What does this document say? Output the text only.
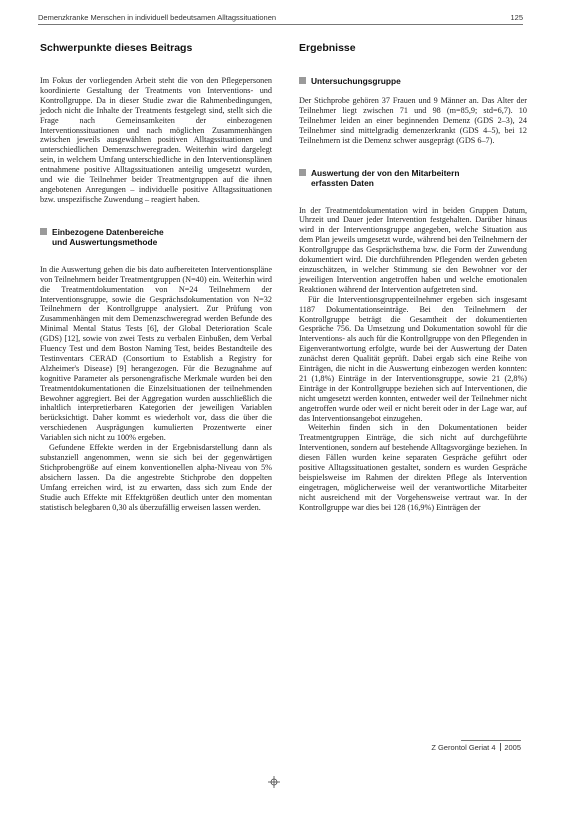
Demenzkranke Menschen in individuell bedeutsamen Alltagssituationen	125
Schwerpunkte dieses Beitrags

Im Fokus der vorliegenden Arbeit steht die von den Pflegepersonen koordinierte Gestaltung der Treatments von Interventions- und Kontrollgruppe. Da in dieser Studie zwar die Rahmenbedingungen, jedoch nicht die Inhalte der Treatments festgelegt sind, stellt sich die Frage nach Gemeinsamkeiten der einbezogenen Interventionssituationen und nach möglichen Zusammenhängen zwischen jeweils ausgewählten positiven Alltagssituationen und unterschiedlichen Demenzschweregraden. Weiterhin wird dargelegt sein, in welchem Umfang unterschiedliche in den Interventionsplänen entnahmene positive Alltagssituationen anteilig umgesetzt wurden, und wie die Teilnehmer beider Treatmentgruppen auf die ihnen angebotenen Anregungen – individuelle positive Alltagssituationen bzw. unspezifische Zuwendung – reagiert haben.

Einbezogene Datenbereiche
und Auswertungsmethode

In die Auswertung gehen die bis dato aufbereiteten Interventionspläne von Teilnehmern beider Treatmentgruppen (N=40) ein. Weiterhin wird die Treatmentdokumentation von N=24 Teilnehmern der Interventionsgruppe, sowie die Gesprächsdokumentation von N=32 Teilnehmern der Kontrollgruppe analysiert. Zur Prüfung von Zusammenhängen mit dem Demenzschweregrad werden Befunde des Minimal Mental Status Tests [6], der Global Deterioration Scale (GDS) [12], sowie von zwei Tests zu verbalen Einbußen, dem Verbal Fluency Test und dem Boston Naming Test, beides Bestandteile des Testinventars CERAD (Consortium to Establish a Registry for Alzheimer's Disease) [9] herangezogen. Für die Bezugnahme auf kognitive Parameter als personengrafische Merkmale wurden bei den Treatmentdokumentationen die Einzelsituationen der teilnehmenden Bewohner aggregiert. Bei der Aggregation wurden ausschließlich die inhaltlich interpretierbaren Kategorien der jeweiligen Variablen berücksichtigt. Daher kommt es wiederholt vor, dass die über die verschiedenen Ausprägungen kumulierten Prozentwerte einer Variablen sich nicht zu 100% ergeben.

Gefundene Effekte werden in der Ergebnisdarstellung dann als substanziell angenommen, wenn sie sich bei der gegenwärtigen Stichprobengröße auf einem konventionellen alpha-Niveau von 5% absichern lassen. Da die angestrebte Stichprobe den doppelten Umfang erreichen wird, ist zu erwarten, dass sich zum Ende der Studie auch Effekte mit Effektgrößen deutlich unter den momentan statistisch belegbaren 0,30 als überzufällig erweisen lassen werden.

Ergebnisse
Untersuchungsgruppe

Der Stichprobe gehören 37 Frauen und 9 Männer an. Das Alter der Teilnehmer liegt zwischen 71 und 98 (m=85,9; std=6,7). 10 Teilnehmer leiden an einer beginnenden Demenz (GDS 2–3), 24 Teilnehmer sind mittelgradig demenzerkrankt (GDS 4–5), bei 12 Teilnehmern ist die Demenz schwer ausgeprägt (GDS 6–7).

Auswertung der von den Mitarbeitern
erfassten Daten

In der Treatmentdokumentation wird in beiden Gruppen Datum, Uhrzeit und Dauer jeder Intervention festgehalten. Darüber hinaus wird in der Interventionsgruppe angegeben, welche Situation aus dem Plan jeweils umgesetzt wurde, während bei den Teilnehmern der Kontrollgruppe das Gesprächsthema bzw. die Form der Zuwendung dokumentiert wird. Die durchführenden Pflegenden werden gebeten einzuschätzen, in welcher Stimmung sie den Bewohner vor der jeweiligen Intervention angetroffen haben und welche emotionalen Reaktionen während der Intervention aufgetreten sind.

Für die Interventionsgruppenteilnehmer ergeben sich insgesamt 1187 Dokumentationseinträge. Bei den Teilnehmern der Kontrollgruppe beträgt die Gesamtheit der dokumentierten Gespräche 756. Da Umsetzung und Dokumentation sowohl für die Interventions- als auch für die Kontrollgruppe von den Pflegenden in Eigenverantwortung erfolgte, wurde bei der Auswertung der Daten zunächst deren Qualität geprüft. Dabei ergab sich eine Reihe von Einträgen, die nicht in die Auswertung einbezogen werden konnten: 21 (1,8%) Einträge in der Interventionsgruppe, sowie 21 (2,8%) Einträge in der Kontrollgruppe beziehen sich auf Interventionen, die nicht umgesetzt werden konnten, entweder weil der Teilnehmer nicht angetroffen wurde oder weil er nicht bereit oder in der Lage war, auf das Interventionsangebot einzugehen.

Weiterhin finden sich in den Dokumentationen beider Treatmentgruppen Einträge, die sich nicht auf durchgeführte Interventionen, sondern auf bestehende Alltagsvorgänge beziehen. In diesen Fällen wurden keine separaten Gespräche geführt oder positive Alltagssituationen gestaltet, sondern es wurden Gespräche beispielsweise im Rahmen der direkten Pflege als Intervention eingetragen, möglicherweise weil der verantwortliche Mitarbeiter nicht ausreichend mit der Vorgehensweise vertraut war. In der Kontrollgruppe war dies bei 128 (16,9%) Einträgen der

Z Gerontol Geriat 4 2005
